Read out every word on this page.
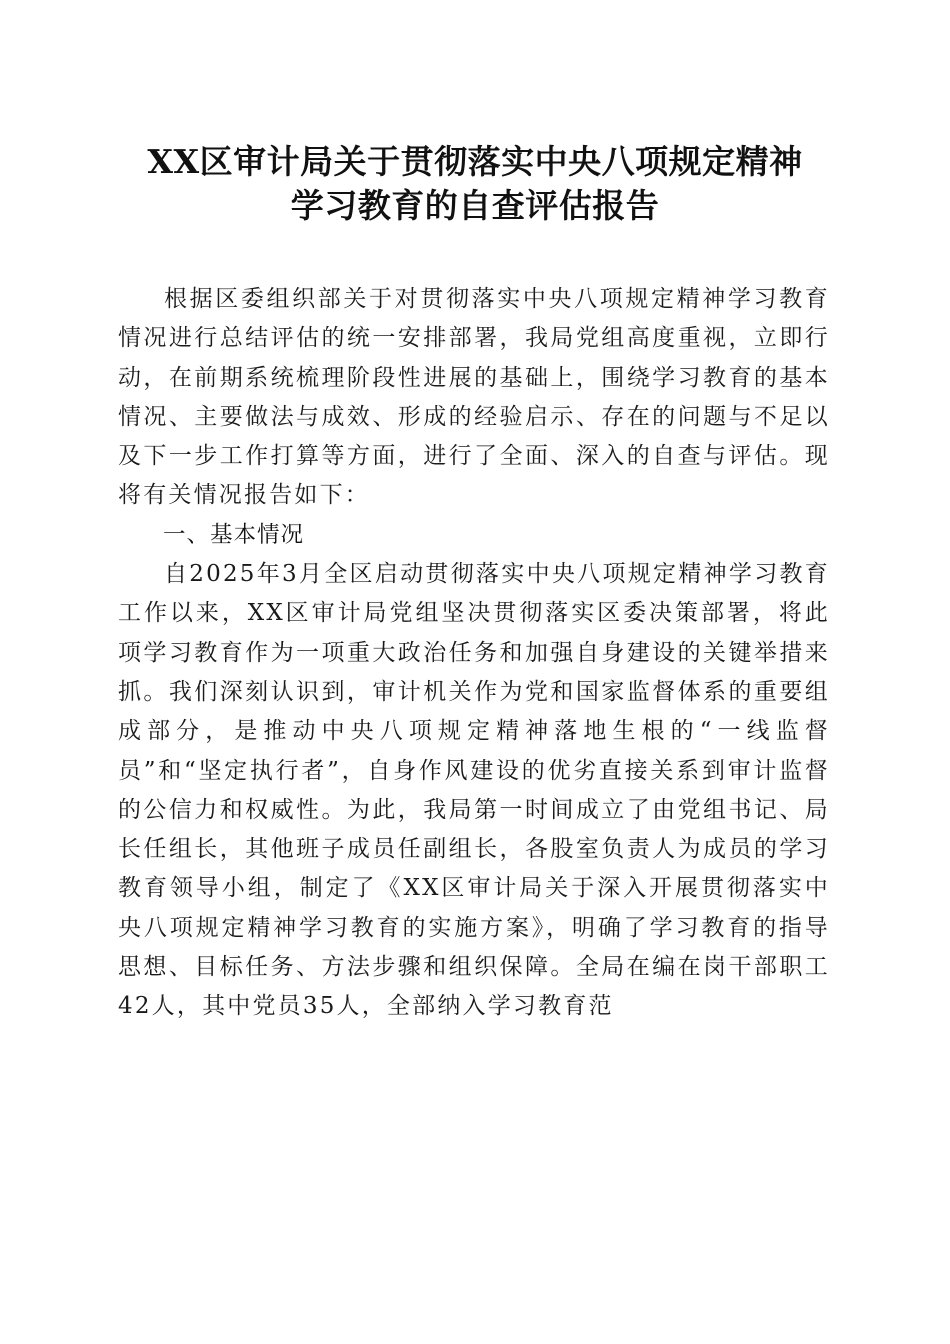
XX区审计局关于贯彻落实中央八项规定精神
学习教育的自查评估报告

根据区委组织部关于对贯彻落实中央八项规定精神学习教育情况进行总结评估的统一安排部署，我局党组高度重视，立即行动，在前期系统梳理阶段性进展的基础上，围绕学习教育的基本情况、主要做法与成效、形成的经验启示、存在的问题与不足以及下一步工作打算等方面，进行了全面、深入的自查与评估。现将有关情况报告如下：

一、基本情况

自2025年3月全区启动贯彻落实中央八项规定精神学习教育工作以来，XX区审计局党组坚决贯彻落实区委决策部署，将此项学习教育作为一项重大政治任务和加强自身建设的关键举措来抓。我们深刻认识到，审计机关作为党和国家监督体系的重要组成部分，是推动中央八项规定精神落地生根的“一线监督员”和“坚定执行者”，自身作风建设的优劣直接关系到审计监督的公信力和权威性。为此，我局第一时间成立了由党组书记、局长任组长，其他班子成员任副组长，各股室负责人为成员的学习教育领导小组，制定了《XX区审计局关于深入开展贯彻落实中央八项规定精神学习教育的实施方案》，明确了学习教育的指导思想、目标任务、方法步骤和组织保障。全局在编在岗干部职工42人，其中党员35人，全部纳入学习教育范
